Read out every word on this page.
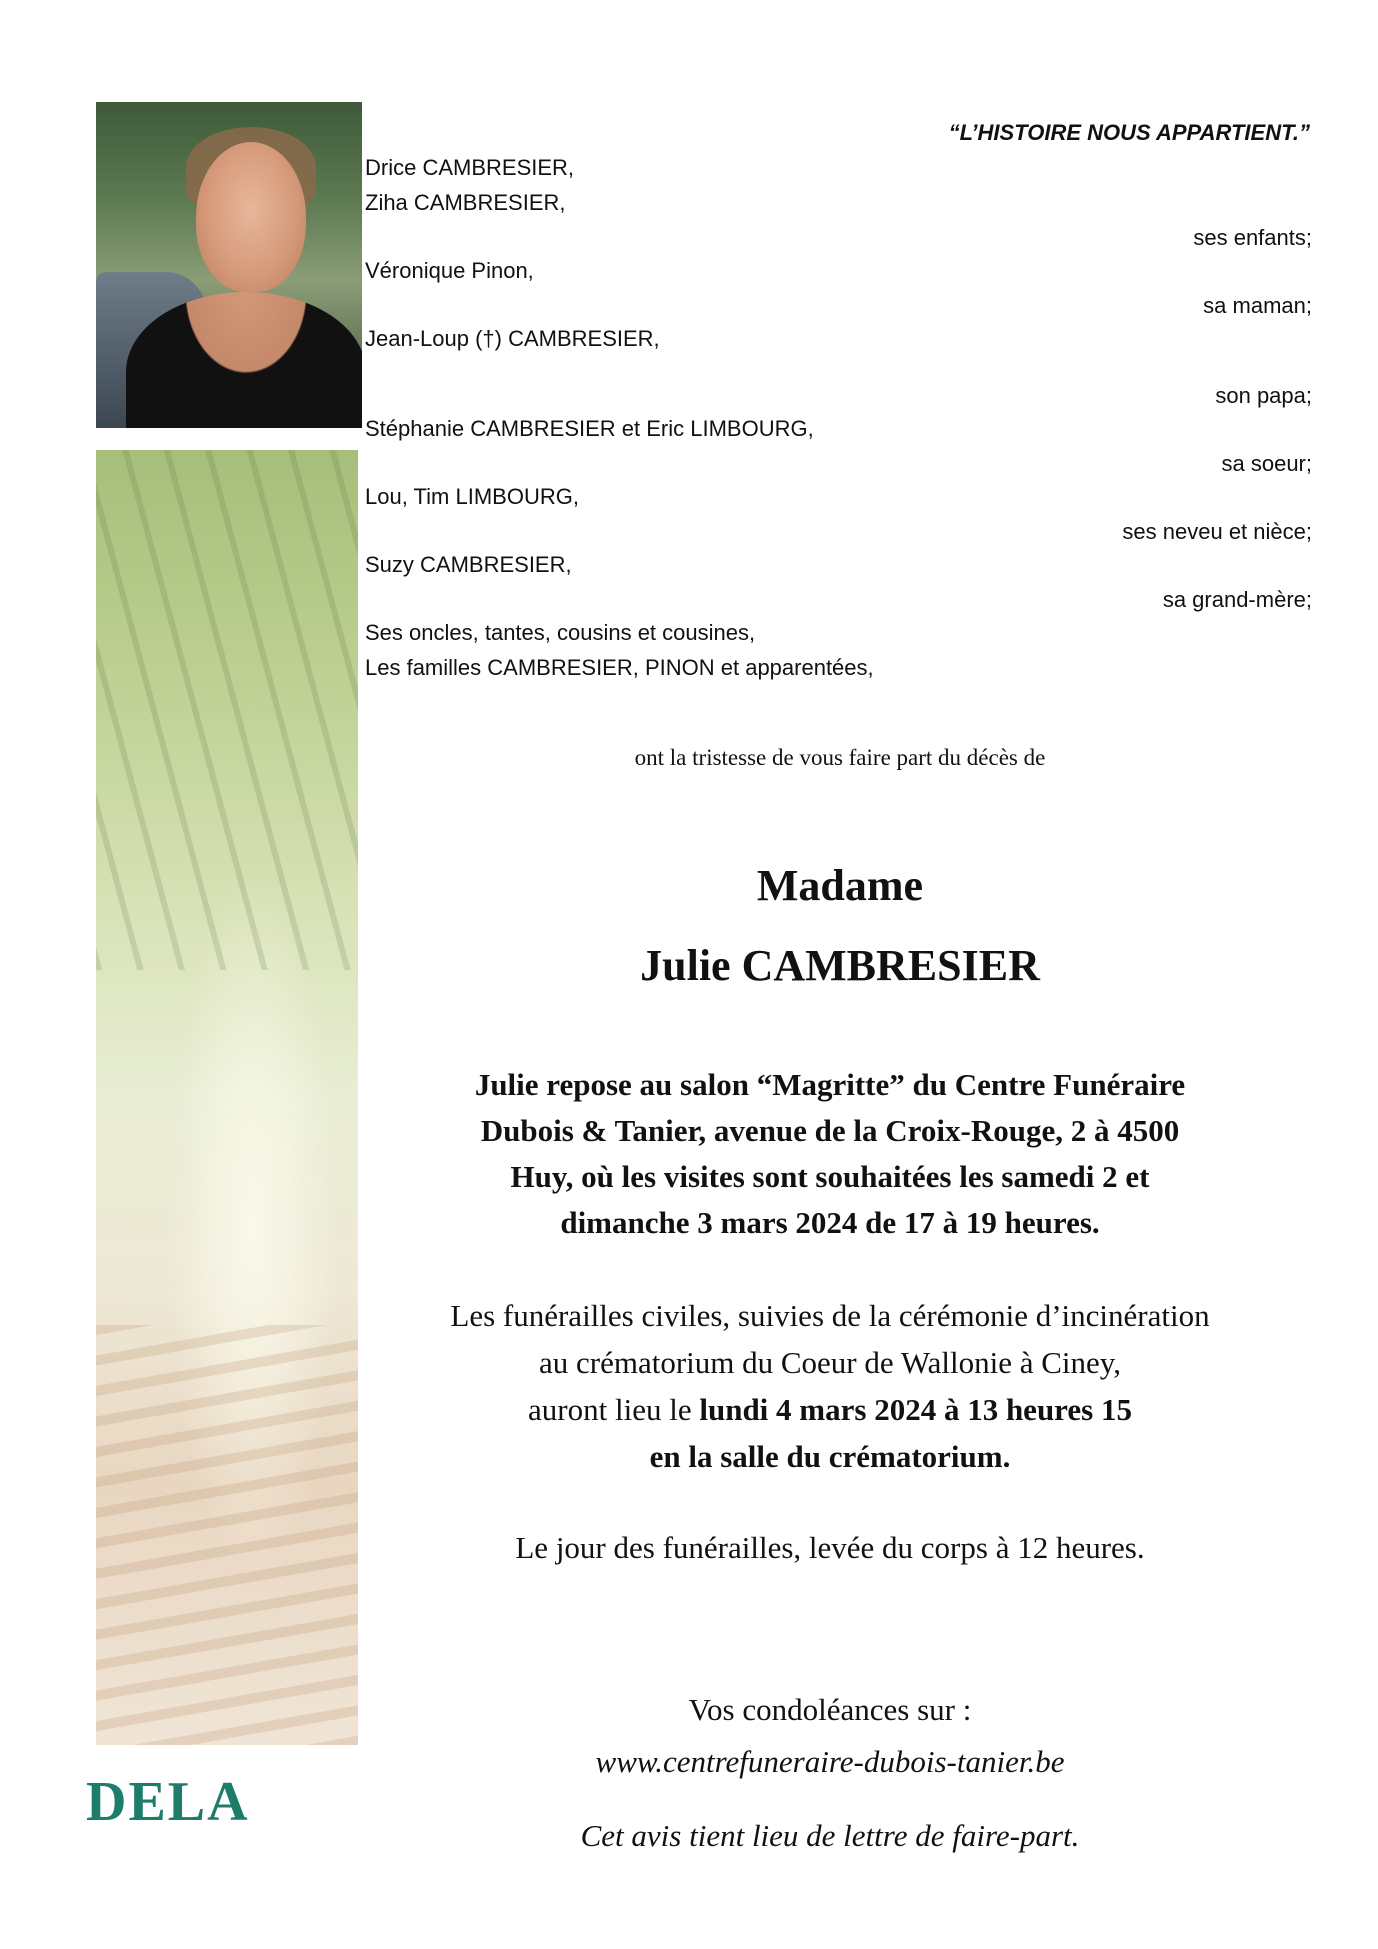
“L’HISTOIRE NOUS APPARTIENT.”
Drice CAMBRESIER,
Ziha CAMBRESIER,
Véronique Pinon,
Jean-Loup (†) CAMBRESIER,
Stéphanie CAMBRESIER et Eric LIMBOURG,
Lou, Tim LIMBOURG,
Suzy CAMBRESIER,
Ses oncles, tantes, cousins et cousines,
Les familles CAMBRESIER, PINON et apparentées,
ses enfants;
sa maman;
son papa;
sa soeur;
ses neveu et nièce;
sa grand-mère;
ont la tristesse de vous faire part du décès de
Madame
Julie CAMBRESIER
Julie repose au salon “Magritte” du Centre Funéraire
Dubois & Tanier, avenue de la Croix-Rouge, 2 à 4500
Huy, où les visites sont souhaitées les samedi 2 et
dimanche 3 mars 2024 de 17 à 19 heures.
Les funérailles civiles, suivies de la cérémonie d’incinération
au crématorium du Coeur de Wallonie à Ciney,
auront lieu le lundi 4 mars 2024 à 13 heures 15
en la salle du crématorium.
Le jour des funérailles, levée du corps à 12 heures.
Vos condoléances sur :
www.centrefuneraire-dubois-tanier.be
Cet avis tient lieu de lettre de faire-part.
DELA
